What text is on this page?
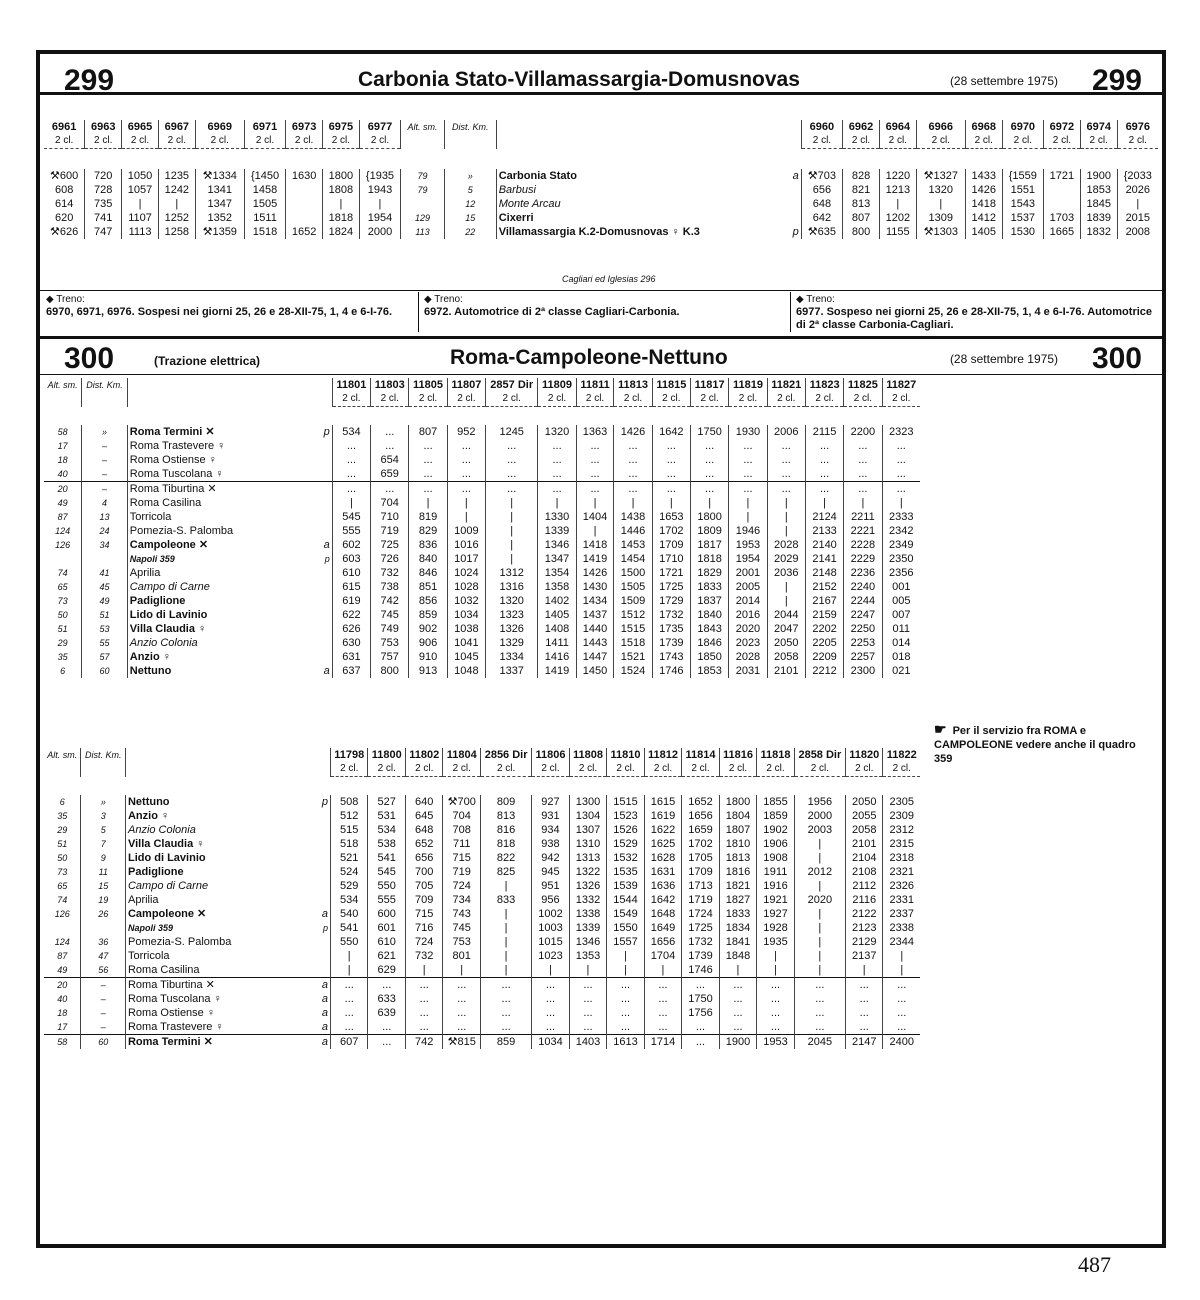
299	Carbonia Stato-Villamassargia-Domusnovas	(28 settembre 1975) 299

6961	6963	6965	6967	6969	6971	6973	6975	6977	Alt. sm.	Dist. Km.		6960	6962	6964	6966	6968	6970	6972	6974	6976
2 cl.	2 cl.	2 cl.	2 cl.	2 cl.	2 cl.	2 cl.	2 cl.	2 cl.				2 cl.	2 cl.	2 cl.	2 cl.	2 cl.	2 cl.	2 cl.	2 cl.	2 cl.

⚒600	720	1050	1235	⚒1334	{1450	1630	1800	{1935	79	»	Carbonia Stato a	⚒703	828	1220	⚒1327	1433	{1559	1721	1900	{2033
608	728	1057	1242	1341	1458		1808	1943	79	5	Barbusi	656	821	1213	1320	1426	1551		1853	2026
614	735	|	|	1347	1505		|	|		12	Monte Arcau	648	813	|	|	1418	1543		1845	|
620	741	1107	1252	1352	1511		1818	1954	129	15	Cixerri	642	807	1202	1309	1412	1537	1703	1839	2015
⚒626	747	1113	1258	⚒1359	1518	1652	1824	2000	113	22	Villamassargia K.2-Domusnovas ♀ K.3 p	⚒635	800	1155	⚒1303	1405	1530	1665	1832	2008
Cagliari ed Iglesias 296
◆ Treno:
6970, 6971, 6976. Sospesi nei giorni 25, 26 e 28-XII-75, 1, 4 e 6-I-76.
◆ Treno:
6972. Automotrice di 2ª classe Cagliari-Carbonia.
◆ Treno:
6977. Sospeso nei giorni 25, 26 e 28-XII-75, 1, 4 e 6-I-76. Automotrice di 2ª classe Carbonia-Cagliari.
300	(Trazione elettrica)	Roma-Campoleone-Nettuno	(28 settembre 1975) 300
Alt. sm.	Dist. Km.		11801	11803	11805	11807	2857 Dir	11809	11811	11813	11815	11817	11819	11821	11823	11825	11827
			2 cl.	2 cl.	2 cl.	2 cl.	2 cl.	2 cl.	2 cl.	2 cl.	2 cl.	2 cl.	2 cl.	2 cl.	2 cl.	2 cl.	2 cl.

58	»	Roma Termini ✕ p	534	...	807	952	1245	1320	1363	1426	1642	1750	1930	2006	2115	2200	2323
17	–	Roma Trastevere ♀	...	...	...	...	...	...	...	...	...	...	...	...	...	...	...
18	–	Roma Ostiense ♀	...	654	...	...	...	...	...	...	...	...	...	...	...	...	...
40	–	Roma Tuscolana ♀	...	659	...	...	...	...	...	...	...	...	...	...	...	...	...
20	–	Roma Tiburtina ✕	...	...	...	...	...	...	...	...	...	...	...	...	...	...	...
49	4	Roma Casilina	|	704	|	|	|	|	|	|	|	|	|	|	|	|	|
87	13	Torricola	545	710	819	|	|	1330	1404	1438	1653	1800	|	|	2124	2211	2333
124	24	Pomezia-S. Palomba	555	719	829	1009	|	1339	|	1446	1702	1809	1946	|	2133	2221	2342
126	34	Campoleone ✕ a	602	725	836	1016	|	1346	1418	1453	1709	1817	1953	2028	2140	2228	2349
		Napoli 359 p	603	726	840	1017	|	1347	1419	1454	1710	1818	1954	2029	2141	2229	2350
74	41	Aprilia	610	732	846	1024	1312	1354	1426	1500	1721	1829	2001	2036	2148	2236	2356
65	45	Campo di Carne	615	738	851	1028	1316	1358	1430	1505	1725	1833	2005	|	2152	2240	001
73	49	Padiglione	619	742	856	1032	1320	1402	1434	1509	1729	1837	2014	|	2167	2244	005
50	51	Lido di Lavinio	622	745	859	1034	1323	1405	1437	1512	1732	1840	2016	2044	2159	2247	007
51	53	Villa Claudia ♀	626	749	902	1038	1326	1408	1440	1515	1735	1843	2020	2047	2202	2250	011
29	55	Anzio Colonia	630	753	906	1041	1329	1411	1443	1518	1739	1846	2023	2050	2205	2253	014
35	57	Anzio ♀	631	757	910	1045	1334	1416	1447	1521	1743	1850	2028	2058	2209	2257	018
6	60	Nettuno a	637	800	913	1048	1337	1419	1450	1524	1746	1853	2031	2101	2212	2300	021
Alt. sm.	Dist. Km.		11798	11800	11802	11804	2856 Dir	11806	11808	11810	11812	11814	11816	11818	2858 Dir	11820	11822
			2 cl.	2 cl.	2 cl.	2 cl.	2 cl.	2 cl.	2 cl.	2 cl.	2 cl.	2 cl.	2 cl.	2 cl.	2 cl.	2 cl.	2 cl.

6	»	Nettuno p	508	527	640	⚒700	809	927	1300	1515	1615	1652	1800	1855	1956	2050	2305
35	3	Anzio ♀	512	531	645	704	813	931	1304	1523	1619	1656	1804	1859	2000	2055	2309
29	5	Anzio Colonia	515	534	648	708	816	934	1307	1526	1622	1659	1807	1902	2003	2058	2312
51	7	Villa Claudia ♀	518	538	652	711	818	938	1310	1529	1625	1702	1810	1906	|	2101	2315
50	9	Lido di Lavinio	521	541	656	715	822	942	1313	1532	1628	1705	1813	1908	|	2104	2318
73	11	Padiglione	524	545	700	719	825	945	1322	1535	1631	1709	1816	1911	2012	2108	2321
65	15	Campo di Carne	529	550	705	724	|	951	1326	1539	1636	1713	1821	1916	|	2112	2326
74	19	Aprilia	534	555	709	734	833	956	1332	1544	1642	1719	1827	1921	2020	2116	2331
126	26	Campoleone ✕ a	540	600	715	743	|	1002	1338	1549	1648	1724	1833	1927	|	2122	2337
		Napoli 359 p	541	601	716	745	|	1003	1339	1550	1649	1725	1834	1928	|	2123	2338
124	36	Pomezia-S. Palomba	550	610	724	753	|	1015	1346	1557	1656	1732	1841	1935	|	2129	2344
87	47	Torricola	|	621	732	801	|	1023	1353	|	1704	1739	1848	|	|	2137	|
49	56	Roma Casilina	|	629	|	|	|	|	|	|	|	1746	|	|	|	|	|
20	–	Roma Tiburtina ✕ a	...	...	...	...	...	...	...	...	...	...	...	...	...	...	...
40	–	Roma Tuscolana ♀ a	...	633	...	...	...	...	...	...	...	1750	...	...	...	...	...
18	–	Roma Ostiense ♀ a	...	639	...	...	...	...	...	...	...	1756	...	...	...	...	...
17	–	Roma Trastevere ♀ a	...	...	...	...	...	...	...	...	...	...	...	...	...	...	...
58	60	Roma Termini ✕ a	607	...	742	⚒815	859	1034	1403	1613	1714	...	1900	1953	2045	2147	2400
☛ Per il servizio fra ROMA e CAMPOLEONE vedere anche il quadro 359
487
